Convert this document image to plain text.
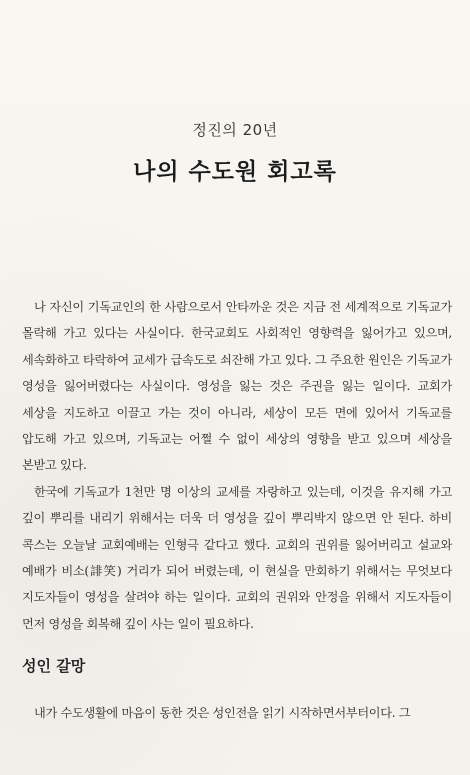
정진의 20년
나의 수도원 회고록

나 자신이 기독교인의 한 사람으로서 안타까운 것은 지금 전 세계적으로 기독교가 몰락해 가고 있다는 사실이다. 한국교회도 사회적인 영향력을 잃어가고 있으며, 세속화하고 타락하여 교세가 급속도로 쇠잔해 가고 있다. 그 주요한 원인은 기독교가 영성을 잃어버렸다는 사실이다. 영성을 잃는 것은 주권을 잃는 일이다. 교회가 세상을 지도하고 이끌고 가는 것이 아니라, 세상이 모든 면에 있어서 기독교를 압도해 가고 있으며, 기독교는 어쩔 수 없이 세상의 영향을 받고 있으며 세상을 본받고 있다.

한국에 기독교가 1천만 명 이상의 교세를 자랑하고 있는데, 이것을 유지해 가고 깊이 뿌리를 내리기 위해서는 더욱 더 영성을 깊이 뿌리박지 않으면 안 된다. 하비 콕스는 오늘날 교회예배는 인형극 같다고 했다. 교회의 권위를 잃어버리고 설교와 예배가 비소(誹笑) 거리가 되어 버렸는데, 이 현실을 만회하기 위해서는 무엇보다 지도자들이 영성을 살려야 하는 일이다. 교회의 권위와 안정을 위해서 지도자들이 먼저 영성을 회복해 깊이 사는 일이 필요하다.

성인 갈망
내가 수도생활에 마음이 동한 것은 성인전을 읽기 시작하면서부터이다. 그
